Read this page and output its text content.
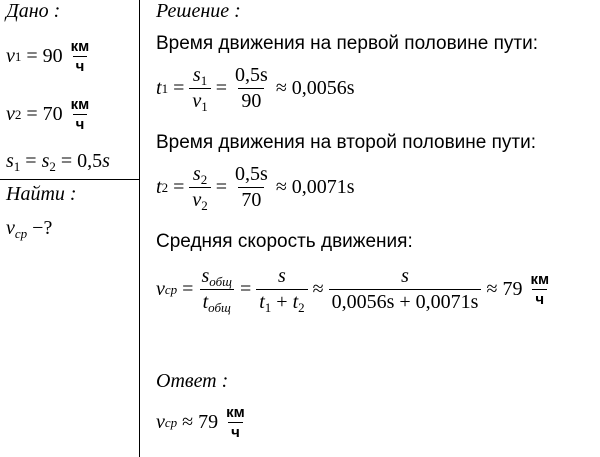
Дано :
v $1 = 90 \frac{км}{ч}$
v $2 = 70 \frac{км}{ч}$
$s_1 = s_2 = 0,5s$
Найти :
$v_{ср}$ −?
Решение :
Время движения на первой половине пути:
t $1 = \frac{s_1}{v_1} = \frac{0,5s}{90} \approx 0,0056s$
Время движения на второй половине пути:
t $2 = \frac{s_2}{v_2} = \frac{0,5s}{70} \approx 0,0071s$
Средняя скорость движения:
v ср = $\frac{s_{общ}}{t_{общ}} = \frac{s}{t_1 + t_2} \approx \frac{s}{0,0056s + 0,0071s} \approx 79 \frac{км}{ч}$
Ответ :
v ср ≈ $79 \frac{км}{ч}$
